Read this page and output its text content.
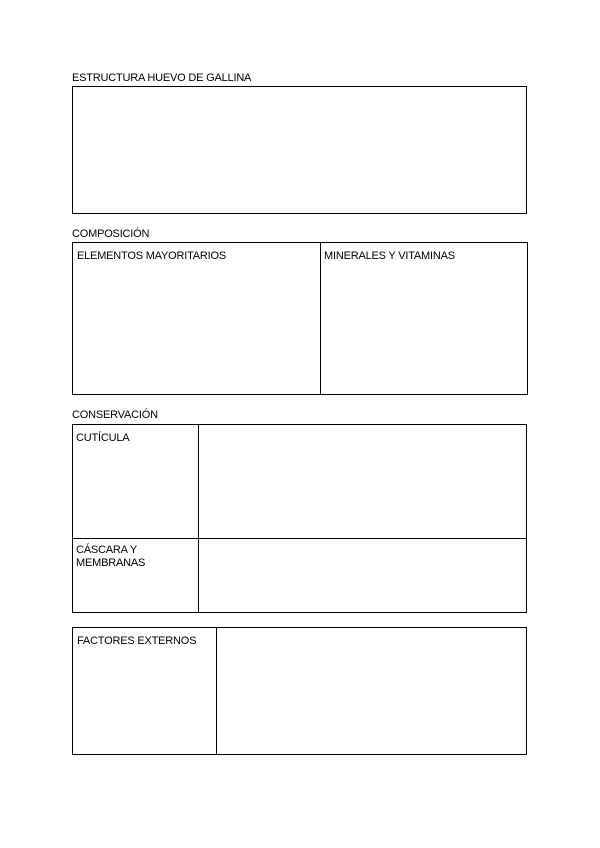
ESTRUCTURA HUEVO DE GALLINA
COMPOSICIÓN
ELEMENTOS MAYORITARIOS	MINERALES Y VITAMINAS
CONSERVACIÓN
CUTÍCULA
CÁSCARA Y
MEMBRANAS
FACTORES EXTERNOS
